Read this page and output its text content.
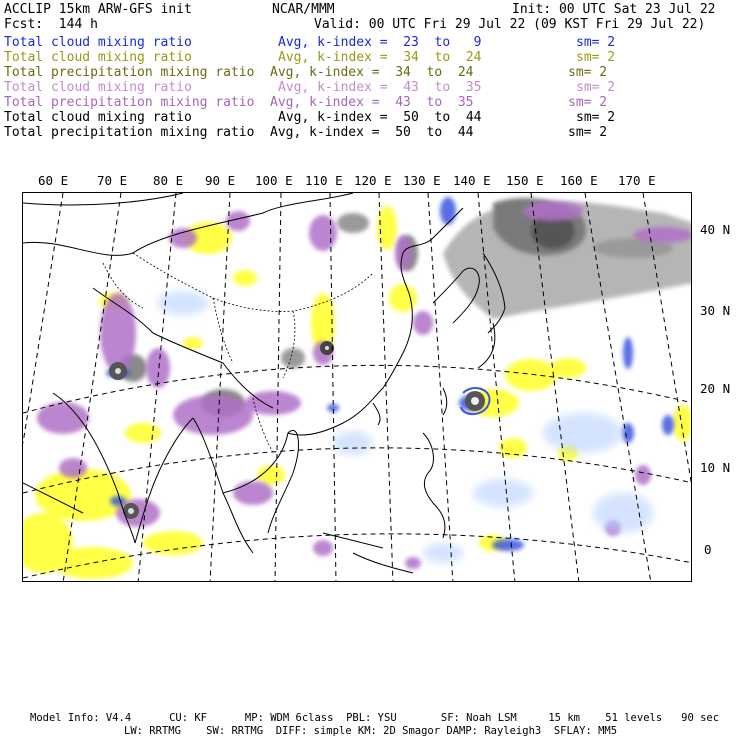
ACCLIP 15km ARW-GFS init	NCAR/MMM	Init: 00 UTC Sat 23 Jul 22
Fcst:  144 h	Valid: 00 UTC Fri 29 Jul 22 (09 KST Fri 29 Jul 22)
Total cloud mixing ratio	Avg, k-index =  23  to   9	sm= 2
Total cloud mixing ratio	Avg, k-index =  34  to  24	sm= 2
Total precipitation mixing ratio Avg, k-index =  34  to  24	sm= 2
Total cloud mixing ratio	Avg, k-index =  43  to  35	sm= 2
Total precipitation mixing ratio Avg, k-index =  43  to  35	sm= 2
Total cloud mixing ratio	Avg, k-index =  50  to  44	sm= 2
Total precipitation mixing ratio Avg, k-index =  50  to  44	sm= 2
60 E 70 E 80 E 90 E 100 E 110 E 120 E 130 E 140 E 150 E 160 E 170 E
40 N
30 N
20 N
10 N
0
Model Info: V4.4      CU: KF      MP: WDM 6class  PBL: YSU       SF: Noah LSM     15 km    51 levels   90 sec
LW: RRTMG    SW: RRTMG  DIFF: simple KM: 2D Smagor DAMP: Rayleigh3  SFLAY: MM5
